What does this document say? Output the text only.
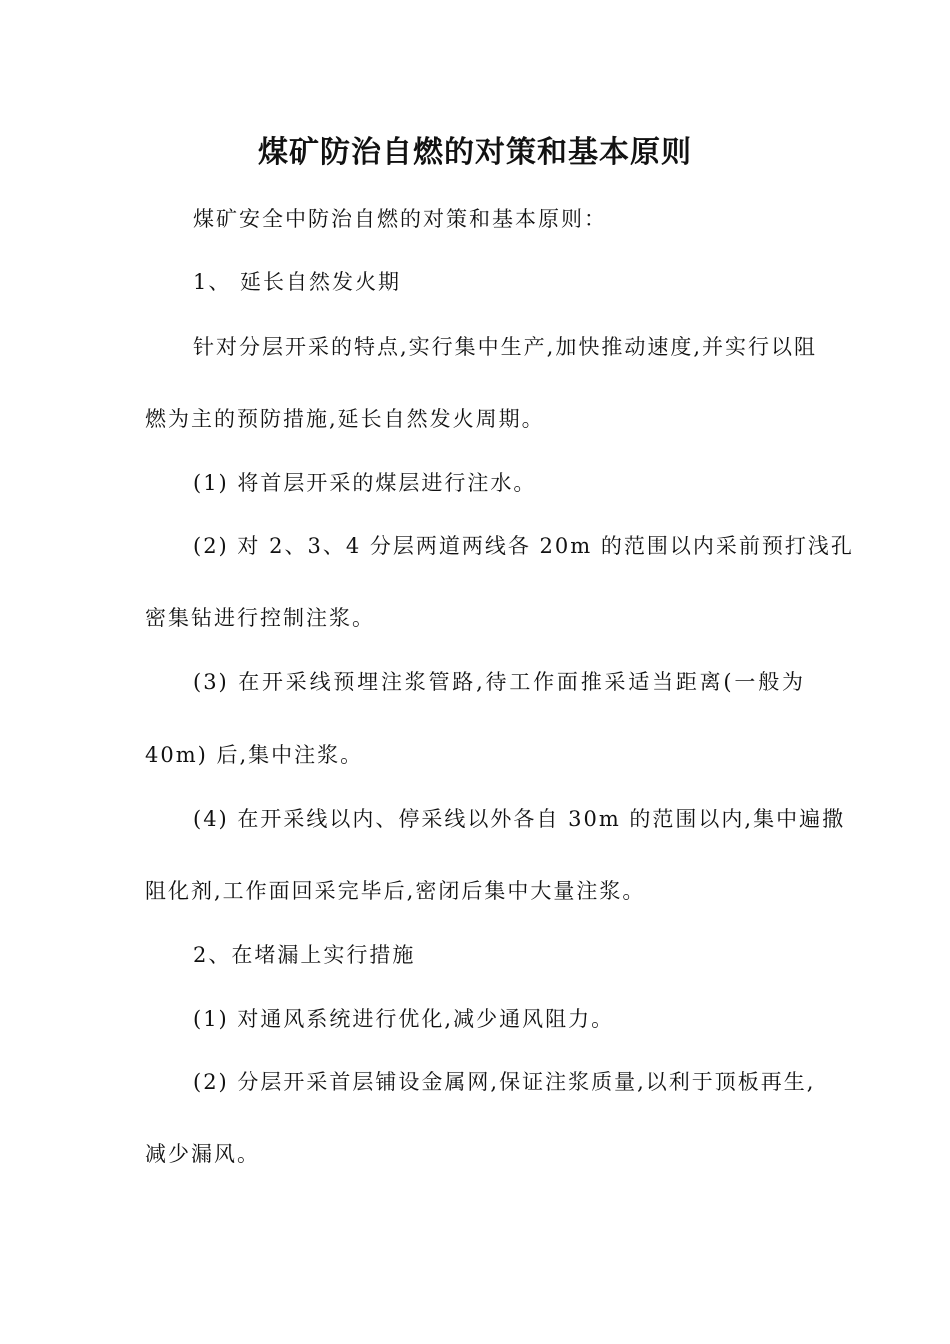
煤矿防治自燃的对策和基本原则

煤矿安全中防治自燃的对策和基本原则：

1、 延长自然发火期

针对分层开采的特点,实行集中生产,加快推动速度,并实行以阻

燃为主的预防措施,延长自然发火周期。

(1) 将首层开采的煤层进行注水。

(2) 对 2、3、4 分层两道两线各 20m 的范围以内采前预打浅孔

密集钻进行控制注浆。

(3) 在开采线预埋注浆管路,待工作面推采适当距离(一般为

40m) 后,集中注浆。

(4) 在开采线以内、停采线以外各自 30m 的范围以内,集中遍撒

阻化剂,工作面回采完毕后,密闭后集中大量注浆。

2、在堵漏上实行措施

(1) 对通风系统进行优化,减少通风阻力。

(2) 分层开采首层铺设金属网,保证注浆质量,以利于顶板再生,

减少漏风。
